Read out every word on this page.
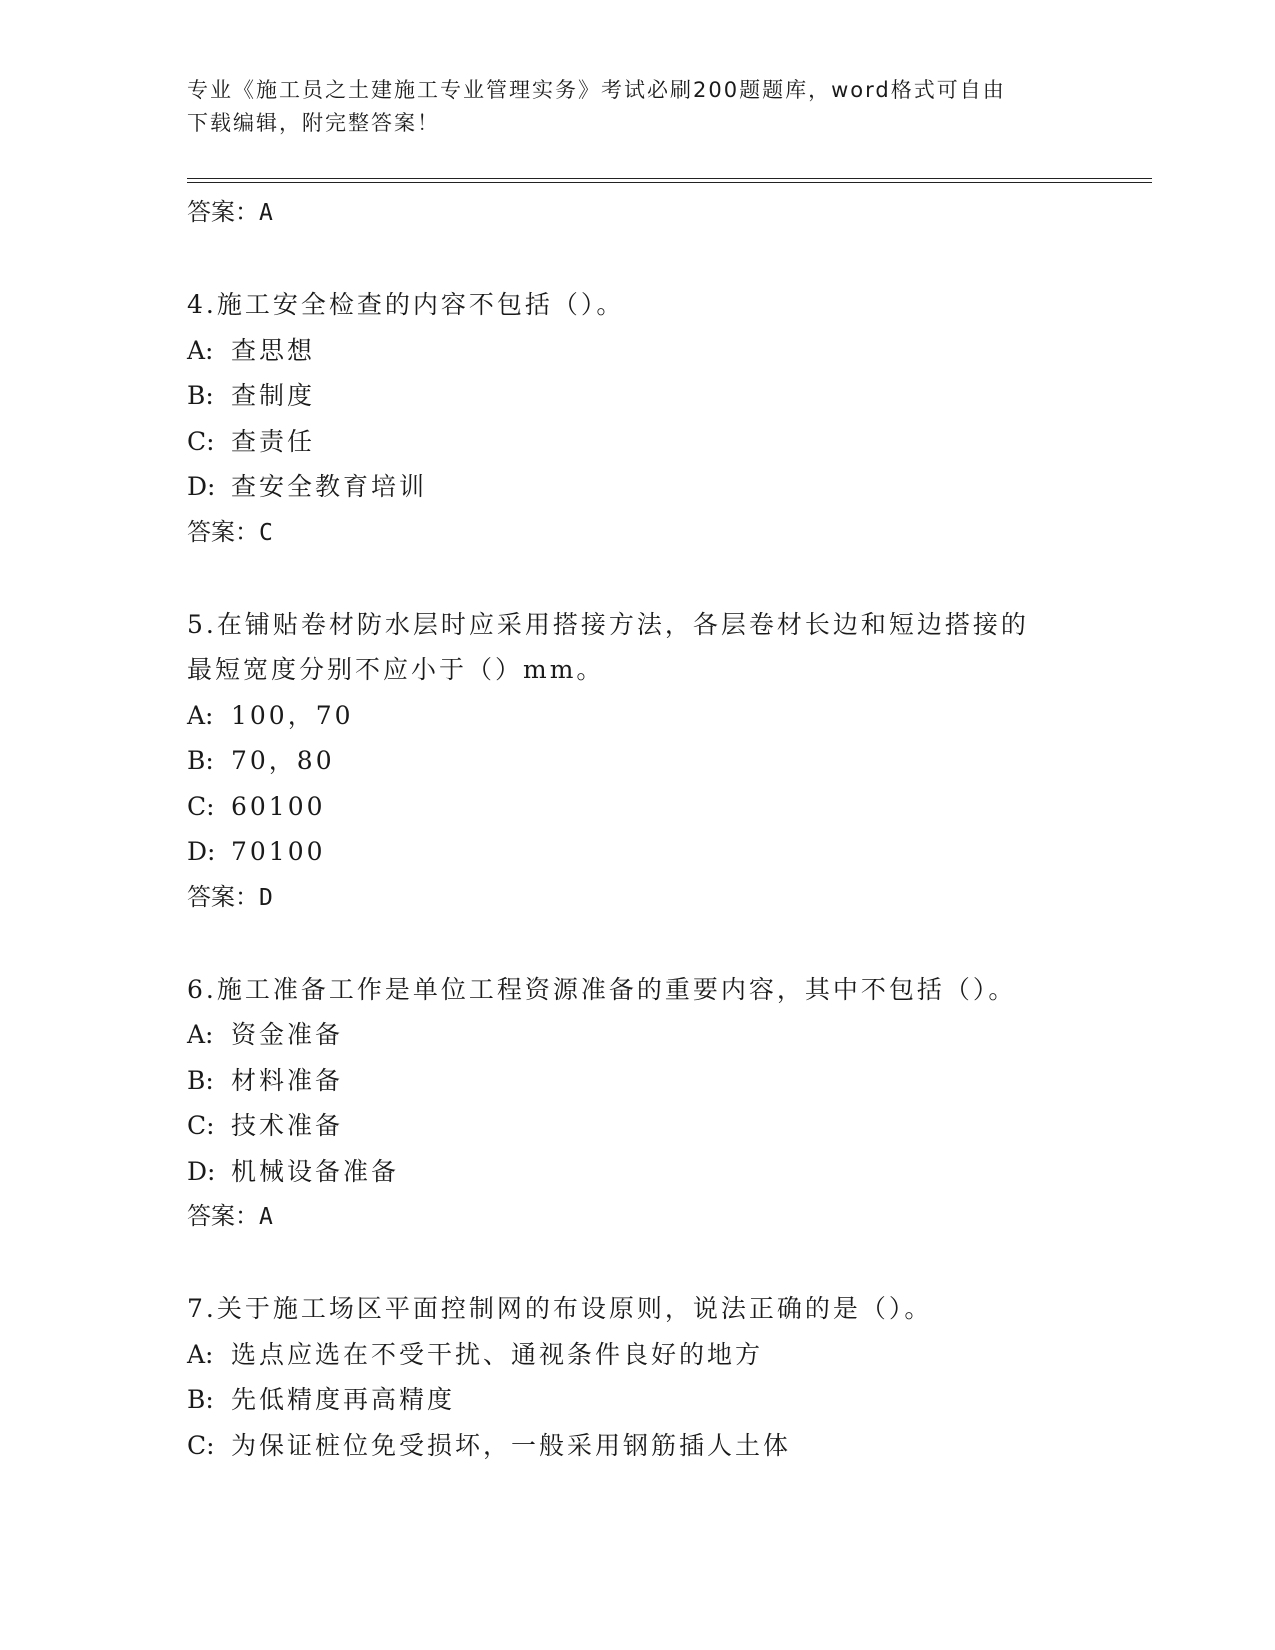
专业《施工员之土建施工专业管理实务》考试必刷200题题库，word格式可自由
下载编辑，附完整答案！
答案：A
4.施工安全检查的内容不包括（）。
A: 查思想
B: 查制度
C: 查责任
D: 查安全教育培训
答案：C
5.在铺贴卷材防水层时应采用搭接方法，各层卷材长边和短边搭接的
最短宽度分别不应小于（）mm。
A: 100，70
B: 70，80
C: 60100
D: 70100
答案：D
6.施工准备工作是单位工程资源准备的重要内容，其中不包括（）。
A: 资金准备
B: 材料准备
C: 技术准备
D: 机械设备准备
答案：A
7.关于施工场区平面控制网的布设原则，说法正确的是（）。
A: 选点应选在不受干扰、通视条件良好的地方
B: 先低精度再高精度
C: 为保证桩位免受损坏，一般采用钢筋插人土体
